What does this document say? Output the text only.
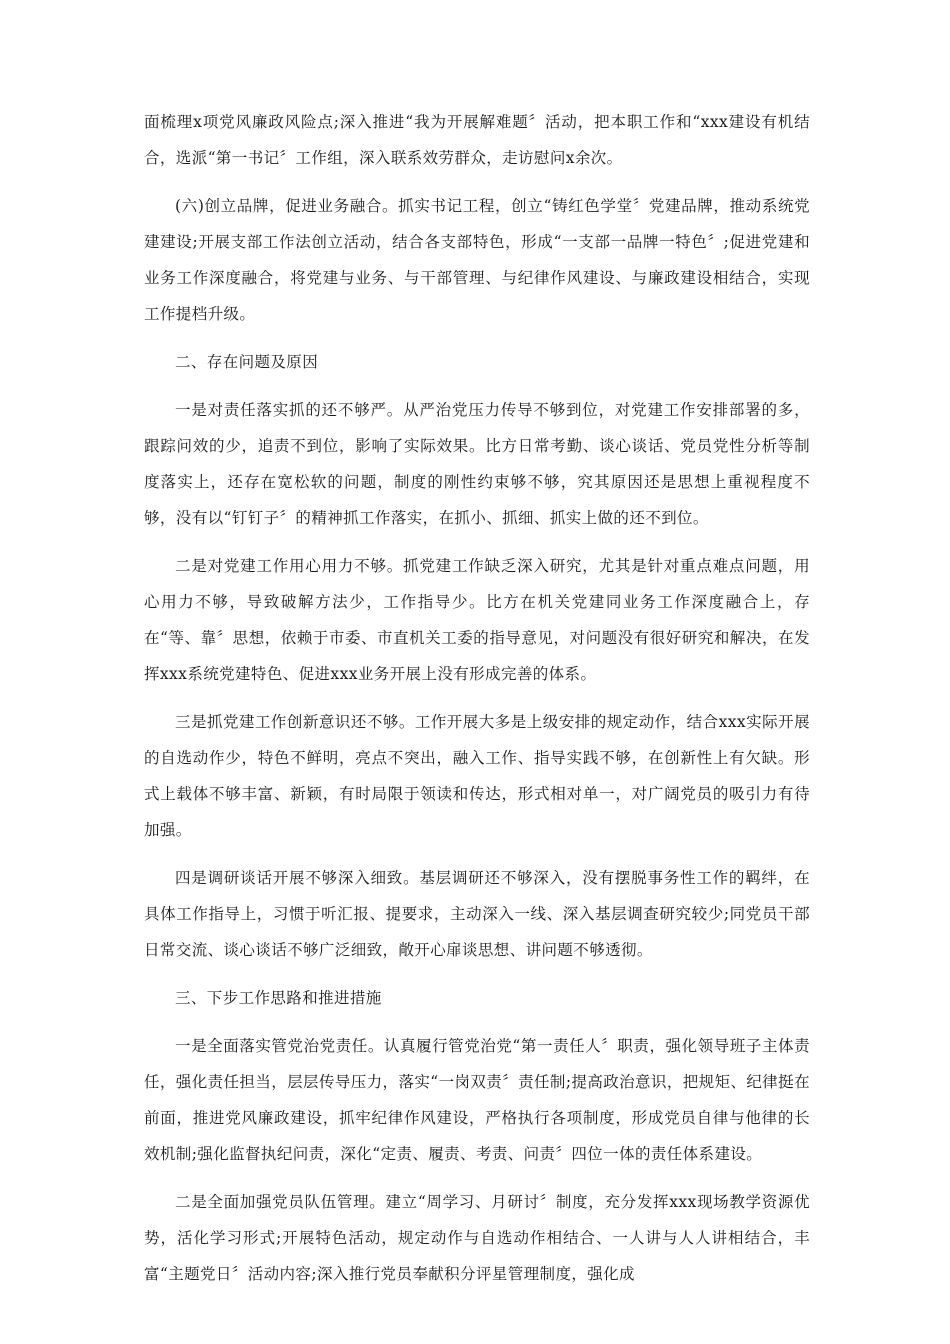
面梳理x项党风廉政风险点;深入推进“我为开展解难题〞活动，把本职工作和“xxx建设有机结合，选派“第一书记〞工作组，深入联系效劳群众，走访慰问x余次。

(六)创立品牌，促进业务融合。抓实书记工程，创立“铸红色学堂〞党建品牌，推动系统党建建设;开展支部工作法创立活动，结合各支部特色，形成“一支部一品牌一特色〞;促进党建和业务工作深度融合，将党建与业务、与干部管理、与纪律作风建设、与廉政建设相结合，实现工作提档升级。

二、存在问题及原因

一是对责任落实抓的还不够严。从严治党压力传导不够到位，对党建工作安排部署的多，跟踪问效的少，追责不到位，影响了实际效果。比方日常考勤、谈心谈话、党员党性分析等制度落实上，还存在宽松软的问题，制度的刚性约束够不够，究其原因还是思想上重视程度不够，没有以“钉钉子〞的精神抓工作落实，在抓小、抓细、抓实上做的还不到位。

二是对党建工作用心用力不够。抓党建工作缺乏深入研究，尤其是针对重点难点问题，用心用力不够，导致破解方法少，工作指导少。比方在机关党建同业务工作深度融合上，存在“等、靠〞思想，依赖于市委、市直机关工委的指导意见，对问题没有很好研究和解决，在发挥xxx系统党建特色、促进xxx业务开展上没有形成完善的体系。

三是抓党建工作创新意识还不够。工作开展大多是上级安排的规定动作，结合xxx实际开展的自选动作少，特色不鲜明，亮点不突出，融入工作、指导实践不够，在创新性上有欠缺。形式上载体不够丰富、新颖，有时局限于领读和传达，形式相对单一，对广阔党员的吸引力有待加强。

四是调研谈话开展不够深入细致。基层调研还不够深入，没有摆脱事务性工作的羁绊，在具体工作指导上，习惯于听汇报、提要求，主动深入一线、深入基层调查研究较少;同党员干部日常交流、谈心谈话不够广泛细致，敞开心扉谈思想、讲问题不够透彻。

三、下步工作思路和推进措施

一是全面落实管党治党责任。认真履行管党治党“第一责任人〞职责，强化领导班子主体责任，强化责任担当，层层传导压力，落实“一岗双责〞责任制;提高政治意识，把规矩、纪律挺在前面，推进党风廉政建设，抓牢纪律作风建设，严格执行各项制度，形成党员自律与他律的长效机制;强化监督执纪问责，深化“定责、履责、考责、问责〞四位一体的责任体系建设。

二是全面加强党员队伍管理。建立“周学习、月研讨〞制度，充分发挥xxx现场教学资源优势，活化学习形式;开展特色活动，规定动作与自选动作相结合、一人讲与人人讲相结合，丰富“主题党日〞活动内容;深入推行党员奉献积分评星管理制度，强化成
